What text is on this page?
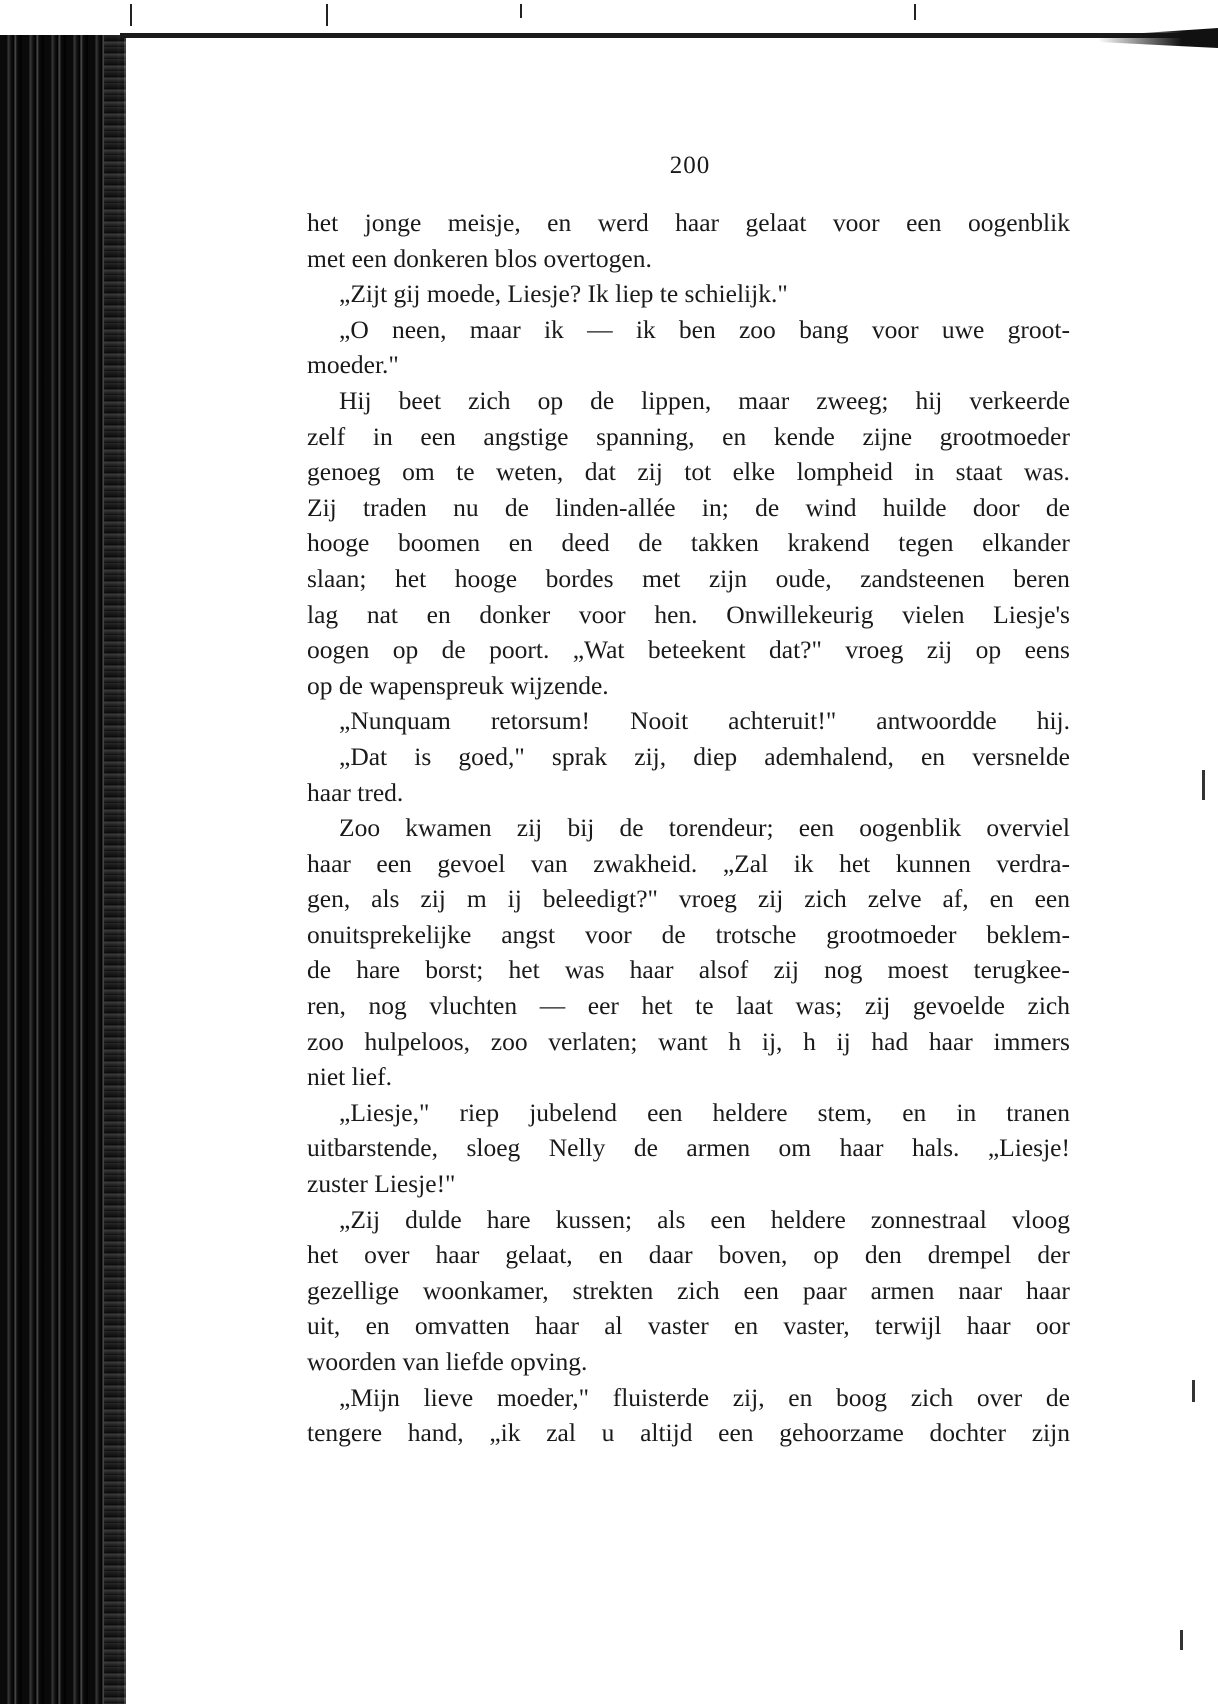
200
het jonge meisje, en werd haar gelaat voor een oogenblik
met een donkeren blos overtogen.
„Zijt gij moede, Liesje? Ik liep te schielijk."
„O neen, maar ik — ik ben zoo bang voor uwe groot-
moeder."
Hij beet zich op de lippen, maar zweeg; hij verkeerde
zelf in een angstige spanning, en kende zijne grootmoeder
genoeg om te weten, dat zij tot elke lompheid in staat was.
Zij traden nu de linden-allée in; de wind huilde door de
hooge boomen en deed de takken krakend tegen elkander
slaan; het hooge bordes met zijn oude, zandsteenen beren
lag nat en donker voor hen. Onwillekeurig vielen Liesje's
oogen op de poort. „Wat beteekent dat?" vroeg zij op eens
op de wapenspreuk wijzende.
„Nunquam retorsum! Nooit achteruit!" antwoordde hij.
„Dat is goed," sprak zij, diep ademhalend, en versnelde
haar tred.
Zoo kwamen zij bij de torendeur; een oogenblik overviel
haar een gevoel van zwakheid. „Zal ik het kunnen verdra-
gen, als zij m ij beleedigt?" vroeg zij zich zelve af, en een
onuitsprekelijke angst voor de trotsche grootmoeder beklem-
de hare borst; het was haar alsof zij nog moest terugkee-
ren, nog vluchten — eer het te laat was; zij gevoelde zich
zoo hulpeloos, zoo verlaten; want h ij, h ij had haar immers
niet lief.
„Liesje," riep jubelend een heldere stem, en in tranen
uitbarstende, sloeg Nelly de armen om haar hals. „Liesje!
zuster Liesje!"
„Zij dulde hare kussen; als een heldere zonnestraal vloog
het over haar gelaat, en daar boven, op den drempel der
gezellige woonkamer, strekten zich een paar armen naar haar
uit, en omvatten haar al vaster en vaster, terwijl haar oor
woorden van liefde opving.
„Mijn lieve moeder," fluisterde zij, en boog zich over de
tengere hand, „ik zal u altijd een gehoorzame dochter zijn
